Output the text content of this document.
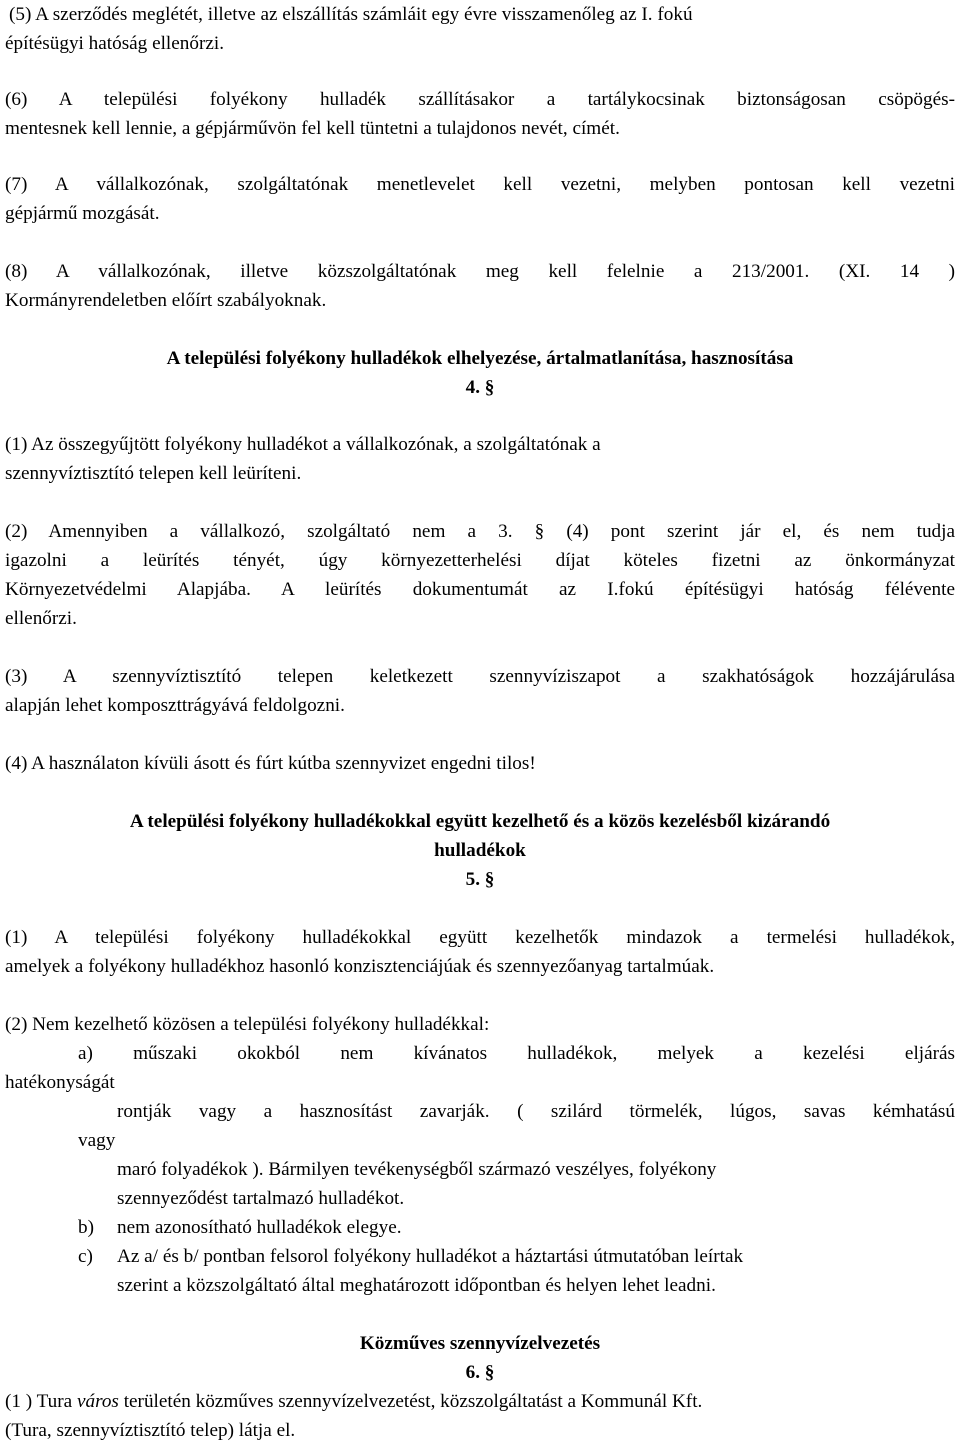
(5) A szerződés meglétét, illetve az elszállítás számláit egy évre visszamenőleg az I. fokú
építésügyi hatóság ellenőrzi.
(6) A települési folyékony hulladék szállításakor a tartálykocsinak biztonságosan csöpögés-
mentesnek kell lennie, a gépjárművön fel kell tüntetni a tulajdonos nevét, címét.
(7) A vállalkozónak, szolgáltatónak menetlevelet kell vezetni, melyben pontosan kell vezetni
gépjármű mozgását.
(8) A vállalkozónak, illetve közszolgáltatónak meg kell felelnie a 213/2001. (XI. 14 )
Kormányrendeletben előírt szabályoknak.
A települési folyékony hulladékok elhelyezése, ártalmatlanítása, hasznosítása
4. §
(1) Az összegyűjtött folyékony hulladékot a vállalkozónak, a szolgáltatónak a
szennyvíztisztító telepen kell leüríteni.
(2) Amennyiben a vállalkozó, szolgáltató nem a 3. § (4) pont szerint jár el, és nem tudja
igazolni a leürítés tényét, úgy környezetterhelési díjat köteles fizetni az önkormányzat
Környezetvédelmi Alapjába. A leürítés dokumentumát az I.fokú építésügyi hatóság félévente
ellenőrzi.
(3) A szennyvíztisztító telepen keletkezett szennyvíziszapot a szakhatóságok hozzájárulása
alapján lehet komposzttrágyává feldolgozni.
(4) A használaton kívüli ásott és fúrt kútba szennyvizet engedni tilos!
A települési folyékony hulladékokkal együtt kezelhető és a közös kezelésből kizárandó
hulladékok
5. §
(1) A települési folyékony hulladékokkal együtt kezelhetők mindazok a termelési hulladékok,
amelyek a folyékony hulladékhoz hasonló konzisztenciájúak és szennyezőanyag tartalmúak.
(2) Nem kezelhető közösen a települési folyékony hulladékkal:
a) műszaki okokból nem kívánatos hulladékok, melyek a kezelési eljárás
hatékonyságát
rontják vagy a hasznosítást zavarják. ( szilárd törmelék, lúgos, savas kémhatású
vagy
maró folyadékok ). Bármilyen tevékenységből származó veszélyes, folyékony
szennyeződést tartalmazó hulladékot.
b) nem azonosítható hulladékok elegye.
c) Az a/ és b/ pontban felsorol folyékony hulladékot a háztartási útmutatóban leírtak
szerint a közszolgáltató által meghatározott időpontban és helyen lehet leadni.
Közműves szennyvízelvezetés
6. §
(1 ) Tura város területén közműves szennyvízelvezetést, közszolgáltatást a Kommunál Kft.
(Tura, szennyvíztisztító telep) látja el.
